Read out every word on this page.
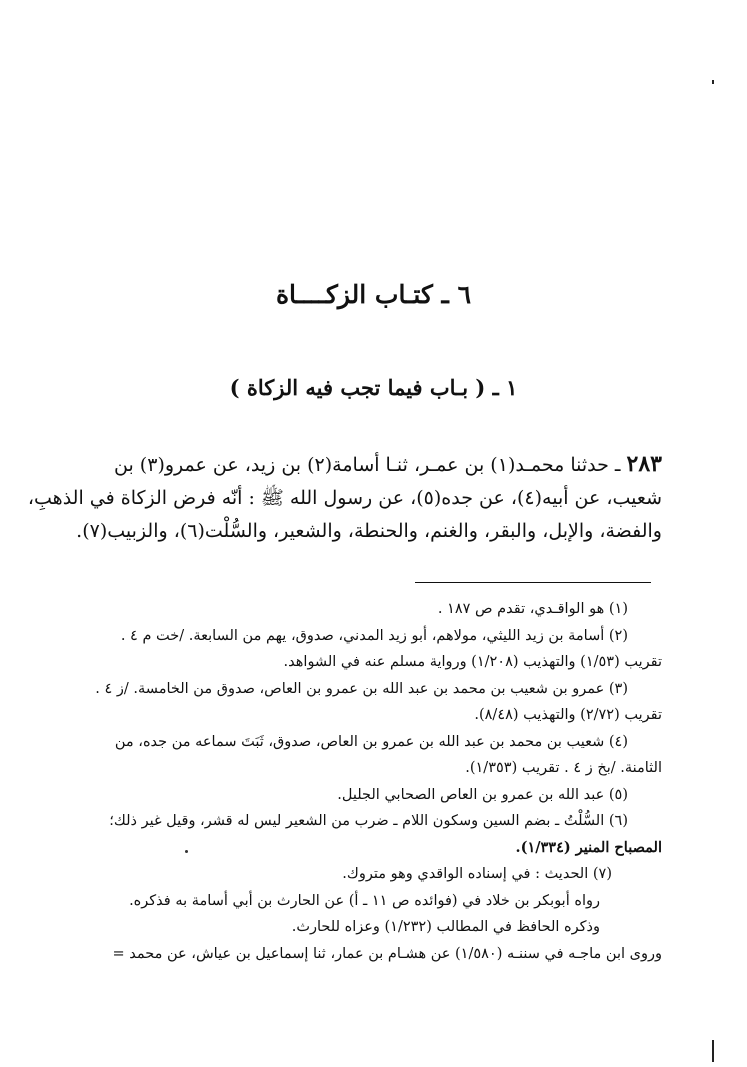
٦ ـ كتـاب الزكــــاة
١ ـ ( بـاب فيما تجب فيه الزكاة )
٢٨٣ ـ حدثنا محمـد(١) بن عمـر، ثنـا أسامة(٢) بن زيد، عن عمرو(٣) بن
شعيب، عن أبيه(٤)، عن جده(٥)، عن رسول الله ﷺ : أنّه فرض الزكاة في الذهبِ،
والفضة، والإبل، والبقر، والغنم، والحنطة، والشعير، والسُّلْت(٦)، والزبيب(٧).
(١) هو الواقـدي، تقدم ص ١٨٧ .
(٢) أسامة بن زيد الليثي، مولاهم، أبو زيد المدني، صدوق، يهم من السابعة. /خت م ٤ .
تقريب (١/٥٣) والتهذيب (١/٢٠٨) ورواية مسلم عنه في الشواهد.
(٣) عمرو بن شعيب بن محمد بن عبد الله بن عمرو بن العاص، صدوق من الخامسة. /ز ٤ .
تقريب (٢/٧٢) والتهذيب (٨/٤٨).
(٤) شعيب بن محمد بن عبد الله بن عمرو بن العاص، صدوق، ثَبَتَ سماعه من جده، من
الثامنة. /بخ ز ٤ . تقريب (١/٣٥٣).
(٥) عبد الله بن عمرو بن العاص الصحابي الجليل.
(٦) السُّلْتُ ـ بضم السين وسكون اللام ـ ضرب من الشعير ليس له قشر، وقيل غير ذلك؛
المصباح المنير (١/٣٣٤).
(٧) الحديث : في إسناده الواقدي وهو متروك.
رواه أبوبكر بن خلاد في (فوائده ص ١١ ـ أ) عن الحارث بن أبي أسامة به فذكره.
وذكره الحافظ في المطالب (١/٢٣٢) وعزاه للحارث.
وروى ابن ماجـه في سننـه (١/٥٨٠) عن هشـام بن عمار، ثنا إسماعيل بن عياش، عن محمد =
